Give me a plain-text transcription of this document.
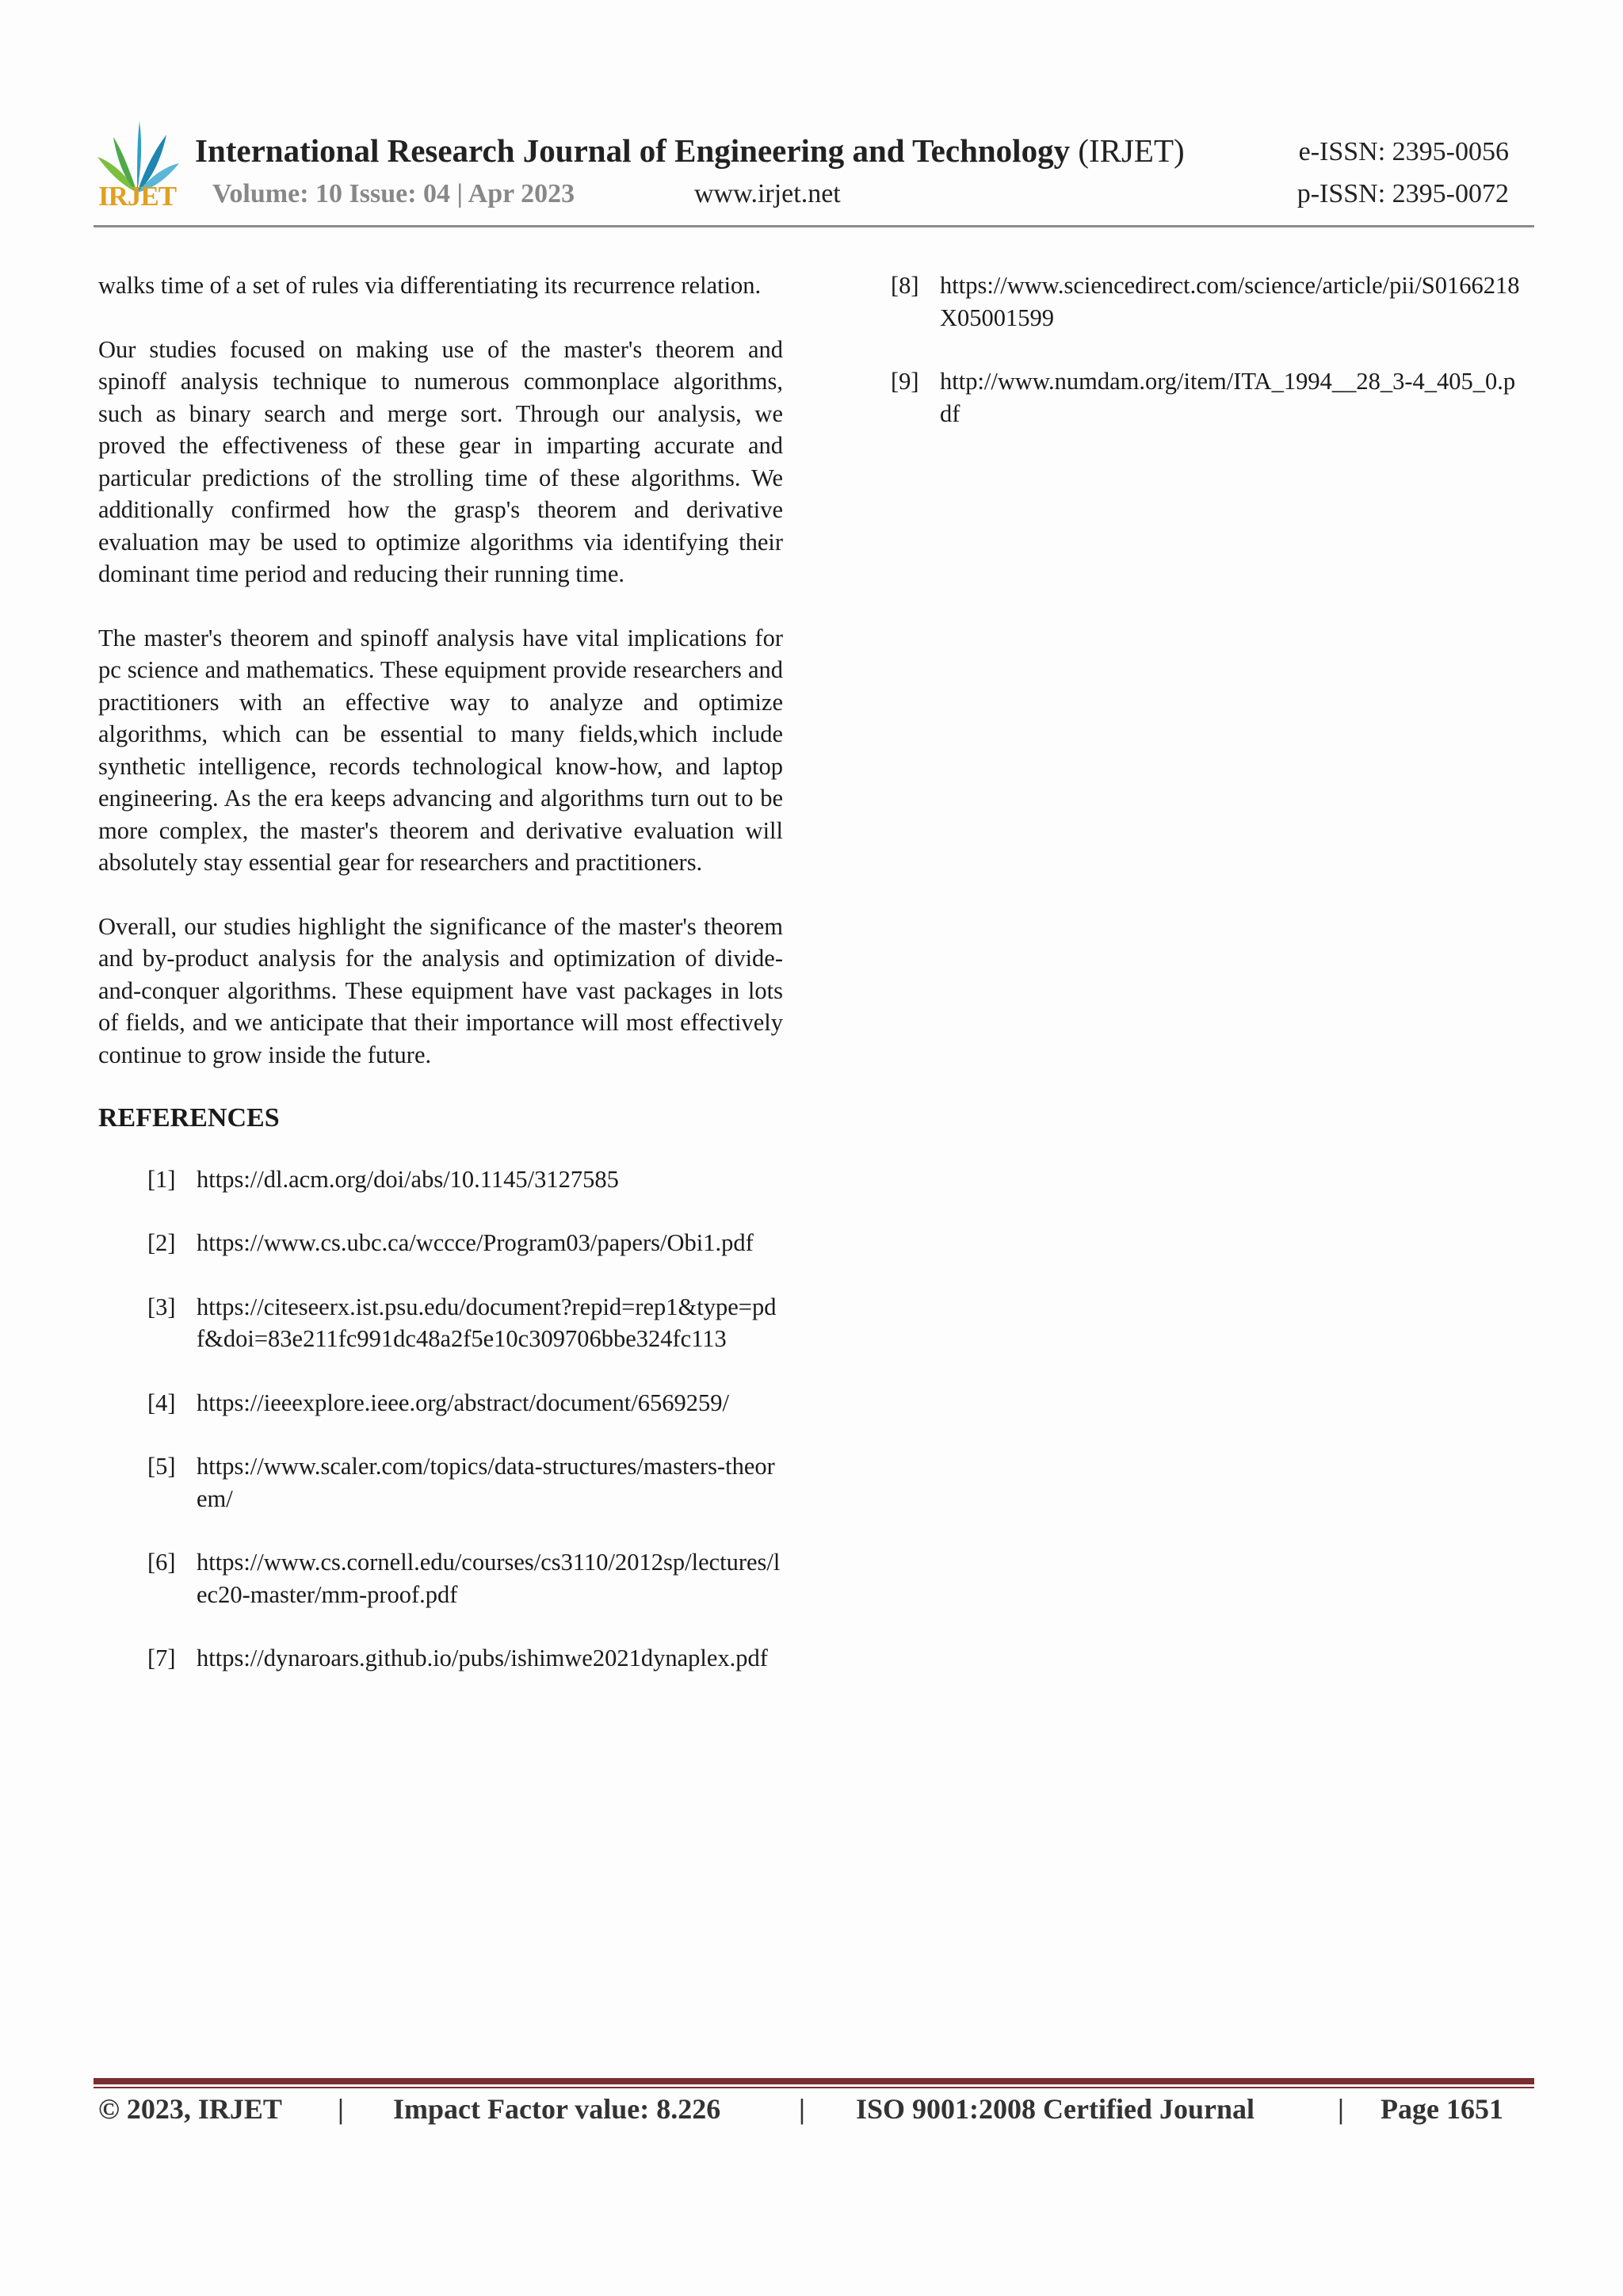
IRJET
International Research Journal of Engineering and Technology (IRJET)	e-ISSN: 2395-0056
Volume: 10 Issue: 04 | Apr 2023	www.irjet.net	p-ISSN: 2395-0072

walks time of a set of rules via differentiating its recurrence relation.

Our studies focused on making use of the master's theorem and spinoff analysis technique to numerous commonplace algorithms, such as binary search and merge sort. Through our analysis, we proved the effectiveness of these gear in imparting accurate and particular predictions of the strolling time of these algorithms. We additionally confirmed how the grasp's theorem and derivative evaluation may be used to optimize algorithms via identifying their dominant time period and reducing their running time.

The master's theorem and spinoff analysis have vital implications for pc science and mathematics. These equipment provide researchers and practitioners with an effective way to analyze and optimize algorithms, which can be essential to many fields,which include synthetic intelligence, records technological know-how, and laptop engineering. As the era keeps advancing and algorithms turn out to be more complex, the master's theorem and derivative evaluation will absolutely stay essential gear for researchers and practitioners.

Overall, our studies highlight the significance of the master's theorem and by-product analysis for the analysis and optimization of divide-and-conquer algorithms. These equipment have vast packages in lots of fields, and we anticipate that their importance will most effectively continue to grow inside the future.

REFERENCES
[1] https://dl.acm.org/doi/abs/10.1145/3127585
[2] https://www.cs.ubc.ca/wccce/Program03/papers/Obi1.pdf
[3] https://citeseerx.ist.psu.edu/document?repid=rep1&type=pdf&doi=83e211fc991dc48a2f5e10c309706bbe324fc113
[4] https://ieeexplore.ieee.org/abstract/document/6569259/
[5] https://www.scaler.com/topics/data-structures/masters-theorem/
[6] https://www.cs.cornell.edu/courses/cs3110/2012sp/lectures/lec20-master/mm-proof.pdf
[7] https://dynaroars.github.io/pubs/ishimwe2021dynaplex.pdf
[8] https://www.sciencedirect.com/science/article/pii/S0166218X05001599
[9] http://www.numdam.org/item/ITA_1994__28_3-4_405_0.pdf
© 2023, IRJET | Impact Factor value: 8.226	| ISO 9001:2008 Certified Journal	| Page 1651
